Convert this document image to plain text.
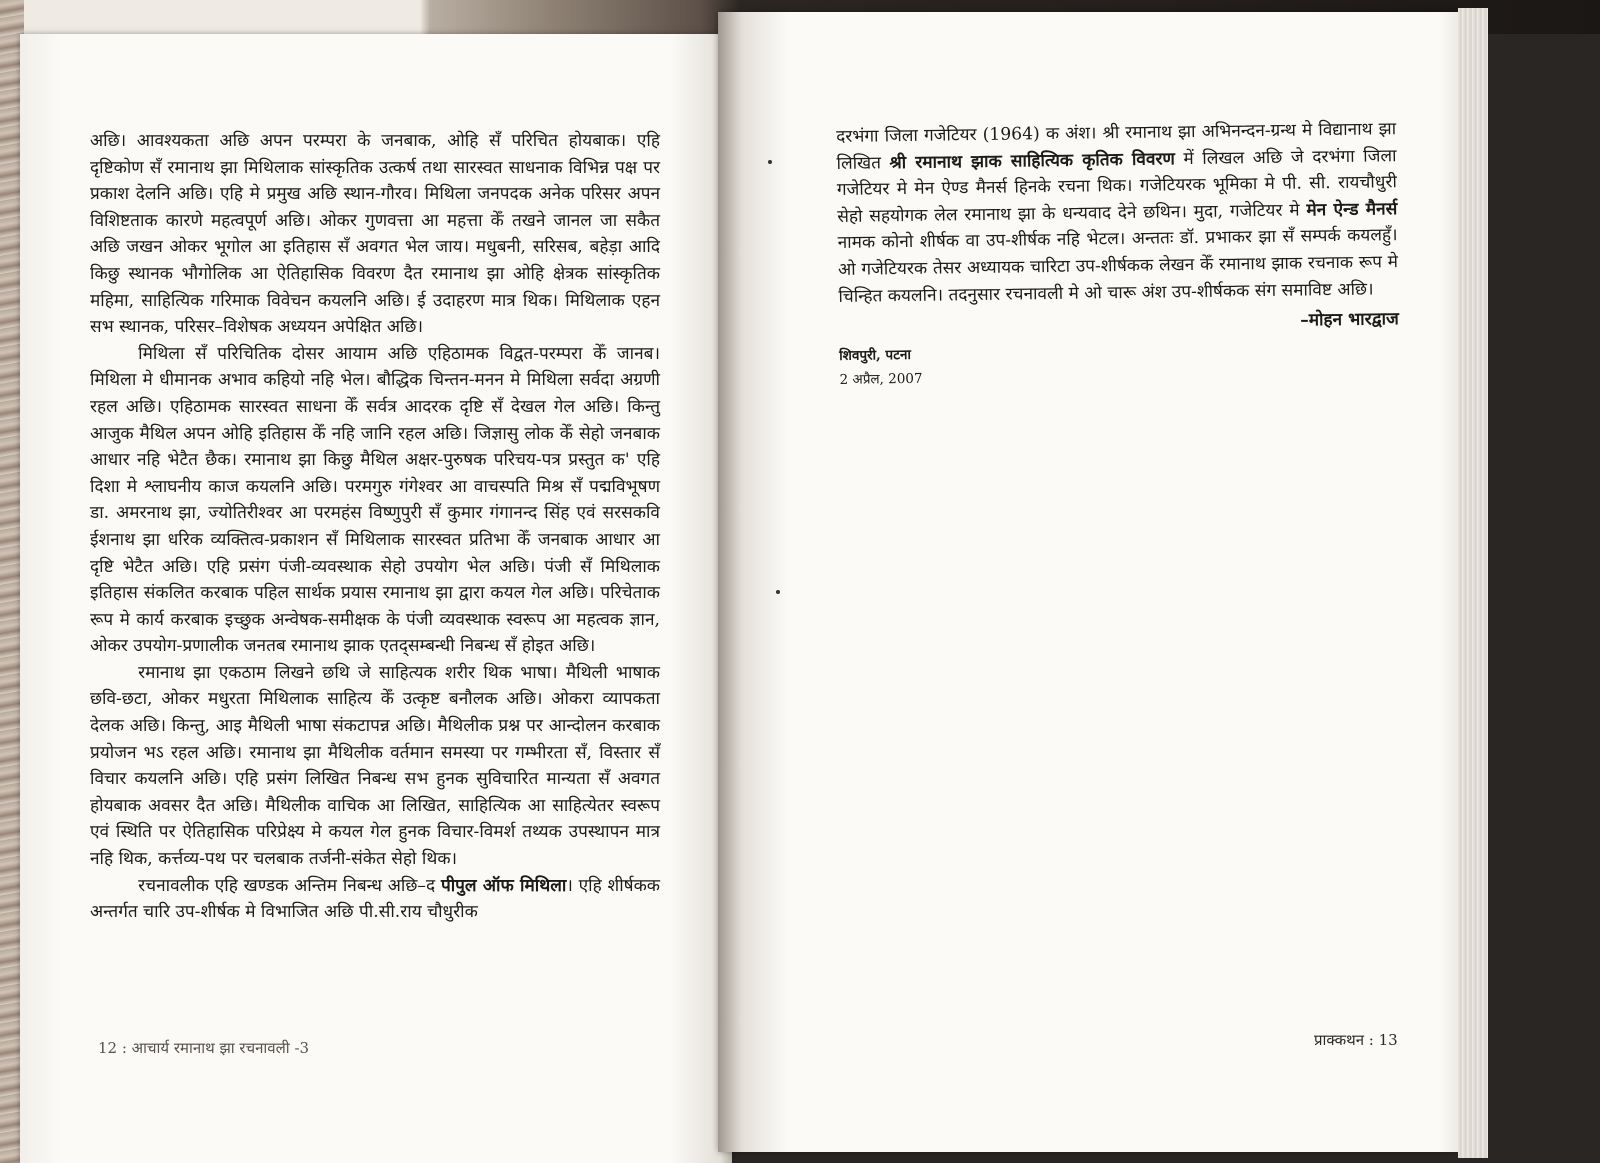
अछि। आवश्यकता अछि अपन परम्परा के जनबाक, ओहि सँ परिचित होयबाक। एहि दृष्टिकोण सँ रमानाथ झा मिथिलाक सांस्कृतिक उत्कर्ष तथा सारस्वत साधनाक विभिन्न पक्ष पर प्रकाश देलनि अछि। एहि मे प्रमुख अछि स्थान-गौरव। मिथिला जनपदक अनेक परिसर अपन विशिष्टताक कारणे महत्वपूर्ण अछि। ओकर गुणवत्ता आ महत्ता केँ तखने जानल जा सकैत अछि जखन ओकर भूगोल आ इतिहास सँ अवगत भेल जाय। मधुबनी, सरिसब, बहेड़ा आदि किछु स्थानक भौगोलिक आ ऐतिहासिक विवरण दैत रमानाथ झा ओहि क्षेत्रक सांस्कृतिक महिमा, साहित्यिक गरिमाक विवेचन कयलनि अछि। ई उदाहरण मात्र थिक। मिथिलाक एहन सभ स्थानक, परिसर–विशेषक अध्ययन अपेक्षित अछि।

मिथिला सँ परिचितिक दोसर आयाम अछि एहिठामक विद्वत-परम्परा केँ जानब। मिथिला मे धीमानक अभाव कहियो नहि भेल। बौद्धिक चिन्तन-मनन मे मिथिला सर्वदा अग्रणी रहल अछि। एहिठामक सारस्वत साधना केँ सर्वत्र आदरक दृष्टि सँ देखल गेल अछि। किन्तु आजुक मैथिल अपन ओहि इतिहास केँ नहि जानि रहल अछि। जिज्ञासु लोक केँ सेहो जनबाक आधार नहि भेटैत छैक। रमानाथ झा किछु मैथिल अक्षर-पुरुषक परिचय-पत्र प्रस्तुत क' एहि दिशा मे श्लाघनीय काज कयलनि अछि। परमगुरु गंगेश्वर आ वाचस्पति मिश्र सँ पद्मविभूषण डा. अमरनाथ झा, ज्योतिरीश्वर आ परमहंस विष्णुपुरी सँ कुमार गंगानन्द सिंह एवं सरसकवि ईशनाथ झा धरिक व्यक्तित्व-प्रकाशन सँ मिथिलाक सारस्वत प्रतिभा केँ जनबाक आधार आ दृष्टि भेटैत अछि। एहि प्रसंग पंजी-व्यवस्थाक सेहो उपयोग भेल अछि। पंजी सँ मिथिलाक इतिहास संकलित करबाक पहिल सार्थक प्रयास रमानाथ झा द्वारा कयल गेल अछि। परिचेताक रूप मे कार्य करबाक इच्छुक अन्वेषक-समीक्षक के पंजी व्यवस्थाक स्वरूप आ महत्वक ज्ञान, ओकर उपयोग-प्रणालीक जनतब रमानाथ झाक एतद्सम्बन्धी निबन्ध सँ होइत अछि।

रमानाथ झा एकठाम लिखने छथि जे साहित्यक शरीर थिक भाषा। मैथिली भाषाक छवि-छटा, ओकर मधुरता मिथिलाक साहित्य केँ उत्कृष्ट बनौलक अछि। ओकरा व्यापकता देलक अछि। किन्तु, आइ मैथिली भाषा संकटापन्न अछि। मैथिलीक प्रश्न पर आन्दोलन करबाक प्रयोजन भऽ रहल अछि। रमानाथ झा मैथिलीक वर्तमान समस्या पर गम्भीरता सँ, विस्तार सँ विचार कयलनि अछि। एहि प्रसंग लिखित निबन्ध सभ हुनक सुविचारित मान्यता सँ अवगत होयबाक अवसर दैत अछि। मैथिलीक वाचिक आ लिखित, साहित्यिक आ साहित्येतर स्वरूप एवं स्थिति पर ऐतिहासिक परिप्रेक्ष्य मे कयल गेल हुनक विचार-विमर्श तथ्यक उपस्थापन मात्र नहि थिक, कर्त्तव्य-पथ पर चलबाक तर्जनी-संकेत सेहो थिक।

रचनावलीक एहि खण्डक अन्तिम निबन्ध अछि–द पीपुल ऑफ मिथिला। एहि शीर्षकक अन्तर्गत चारि उप-शीर्षक मे विभाजित अछि पी.सी.राय चौधुरीक

12 : आचार्य रमानाथ झा रचनावली -3

दरभंगा जिला गजेटियर (1964) क अंश। श्री रमानाथ झा अभिनन्दन-ग्रन्थ मे विद्यानाथ झा लिखित श्री रमानाथ झाक साहित्यिक कृतिक विवरण में लिखल अछि जे दरभंगा जिला गजेटियर मे मेन ऐण्ड मैनर्स हिनके रचना थिक। गजेटियरक भूमिका मे पी. सी. रायचौधुरी सेहो सहयोगक लेल रमानाथ झा के धन्यवाद देने छथिन। मुदा, गजेटियर मे मेन ऐन्ड मैनर्स नामक कोनो शीर्षक वा उप-शीर्षक नहि भेटल। अन्ततः डॉ. प्रभाकर झा सँ सम्पर्क कयलहुँ। ओ गजेटियरक तेसर अध्यायक चारिटा उप-शीर्षकक लेखन केँ रमानाथ झाक रचनाक रूप मे चिन्हित कयलनि। तदनुसार रचनावली मे ओ चारू अंश उप-शीर्षकक संग समाविष्ट अछि।

–मोहन भारद्वाज
शिवपुरी, पटना
2 अप्रैल, 2007
प्राक्कथन : 13
